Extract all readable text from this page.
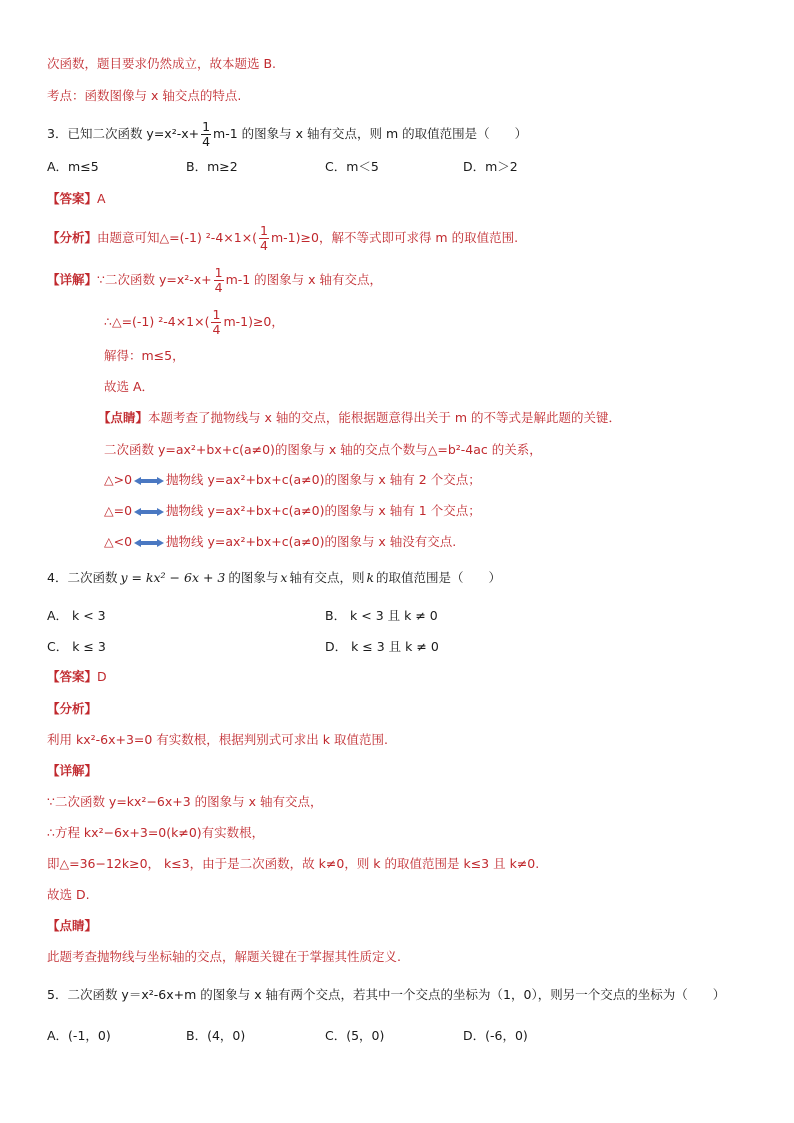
次函数，题目要求仍然成立，故本题选 B.
考点：函数图像与 x 轴交点的特点.
3．已知二次函数 $y=x^2-x+ \frac{1}{4} m-1$ 的图象与 x 轴有交点，则 m 的取值范围是（　　）
A．m≤5	B．m≥2	C．m＜5	D．m＞2
【答案】A
【分析】由题意可知△=(-1) $^2-4\times 1\times( \frac{1}{4} m-1)\ge 0$，解不等式即可求得 m 的取值范围.
【详解】∵二次函数 $y=x^2-x+ \frac{1}{4} m-1$ 的图象与 x 轴有交点，
∴△=(-1) $^2-4\times 1\times( \frac{1}{4} m-1)\ge 0$，
解得：m≤5，
故选 A．
【点睛】本题考查了抛物线与 x 轴的交点，能根据题意得出关于 m 的不等式是解此题的关键．
二次函数 y=ax²+bx+c(a≠0)的图象与 x 轴的交点个数与△=b²-4ac 的关系，
△>0	抛物线 y=ax²+bx+c(a≠0)的图象与 x 轴有 2 个交点；
△=0	抛物线 y=ax²+bx+c(a≠0)的图象与 x 轴有 1 个交点；
△<0	抛物线 y=ax²+bx+c(a≠0)的图象与 x 轴没有交点.
4．二次函数 y = kx² − 6x + 3 的图象与 x 轴有交点，则 k 的取值范围是（　　）
A． k < 3	B． k < 3 且 k ≠ 0
C． k ≤ 3	D． k ≤ 3 且 k ≠ 0
【答案】D
【分析】
利用 kx²-6x+3=0 有实数根，根据判别式可求出 k 取值范围.
【详解】
∵二次函数 y=kx²−6x+3 的图象与 x 轴有交点，
∴方程 kx²−6x+3=0(k≠0)有实数根，
即△=36−12k≥0， k≤3，由于是二次函数，故 k≠0，则 k 的取值范围是 k≤3 且 k≠0.
故选 D.
【点睛】
此题考查抛物线与坐标轴的交点，解题关键在于掌握其性质定义.
5．二次函数 y＝x²-6x+m 的图象与 x 轴有两个交点，若其中一个交点的坐标为（1，0），则另一个交点的坐标为（　　）
A．(-1，0)	B．(4，0)	C．(5，0)	D．(-6，0)
